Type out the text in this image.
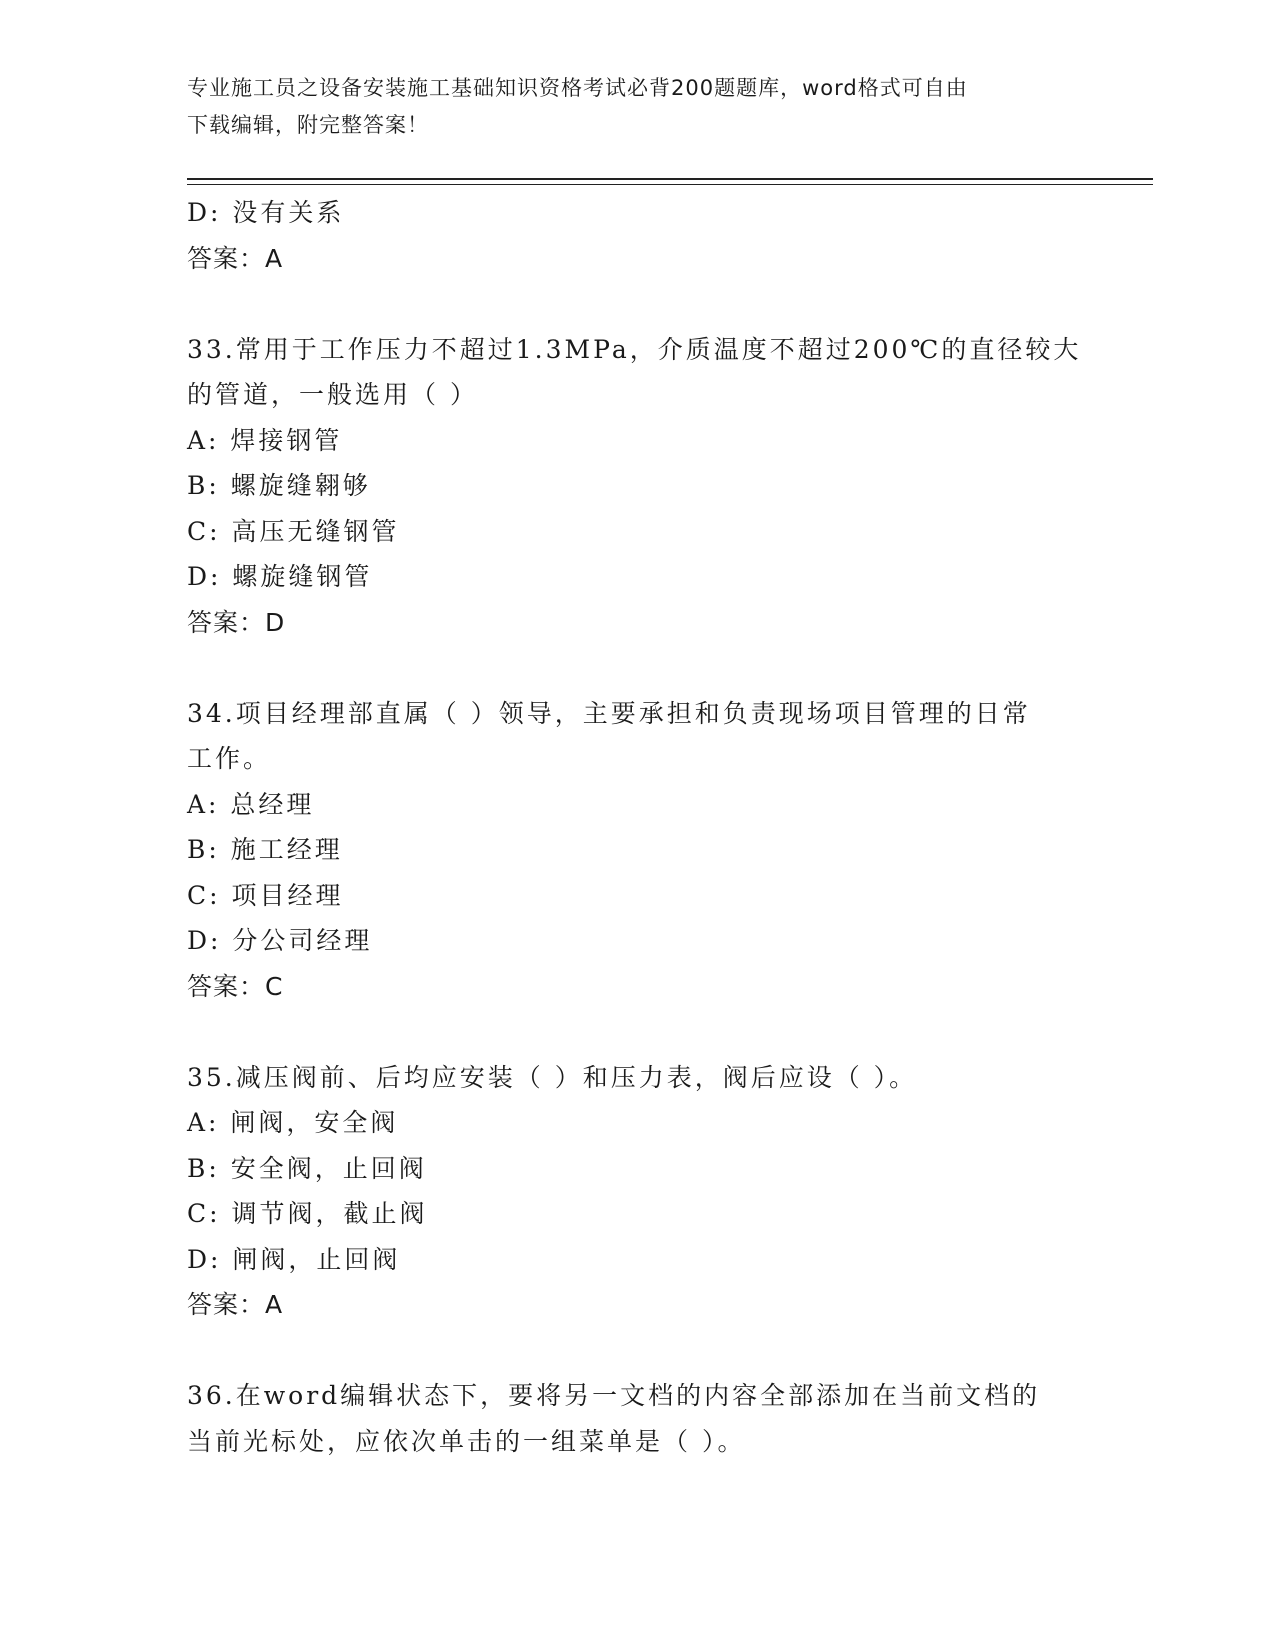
专业施工员之设备安装施工基础知识资格考试必背200题题库，word格式可自由
下载编辑，附完整答案！
D: 没有关系
答案：A
33.常用于工作压力不超过1.3MPa，介质温度不超过200℃的直径较大
的管道，一般选用（ ）
A: 焊接钢管
B: 螺旋缝翱够
C: 高压无缝钢管
D: 螺旋缝钢管
答案：D
34.项目经理部直属（ ）领导，主要承担和负责现场项目管理的日常
工作。
A: 总经理
B: 施工经理
C: 项目经理
D: 分公司经理
答案：C
35.减压阀前、后均应安装（ ）和压力表，阀后应设（ ）。
A: 闸阀，安全阀
B: 安全阀，止回阀
C: 调节阀，截止阀
D: 闸阀，止回阀
答案：A
36.在word编辑状态下，要将另一文档的内容全部添加在当前文档的
当前光标处，应依次单击的一组菜单是（ ）。
